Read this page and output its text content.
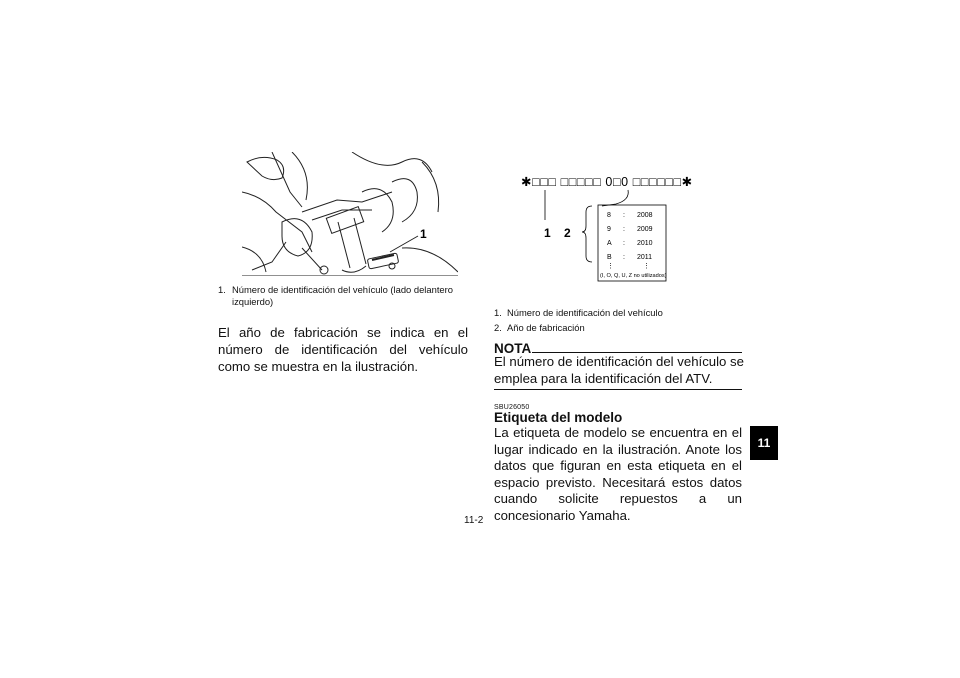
1
1. Número de identificación del vehículo (lado delantero
izquierdo)
El año de fabricación se indica en el número de identificación del vehículo como se muestra en la ilustración.
✱□□□ □□□□□ 0□0 □□□□□□✱
1 2
8 : 2008
9 : 2009
A : 2010
B : 2011
⋮	⋮
(I, O, Q, U, Z no utilizados)
1. Número de identificación del vehículo
2. Año de fabricación
NOTA
El número de identificación del vehículo se emplea para la identificación del ATV.
SBU26050
Etiqueta del modelo
La etiqueta de modelo se encuentra en el lugar indicado en la ilustración. Anote los datos que figuran en esta etiqueta en el espacio previsto. Necesitará estos datos cuando solicite repuestos a un concesionario Yamaha.
11-2
11
